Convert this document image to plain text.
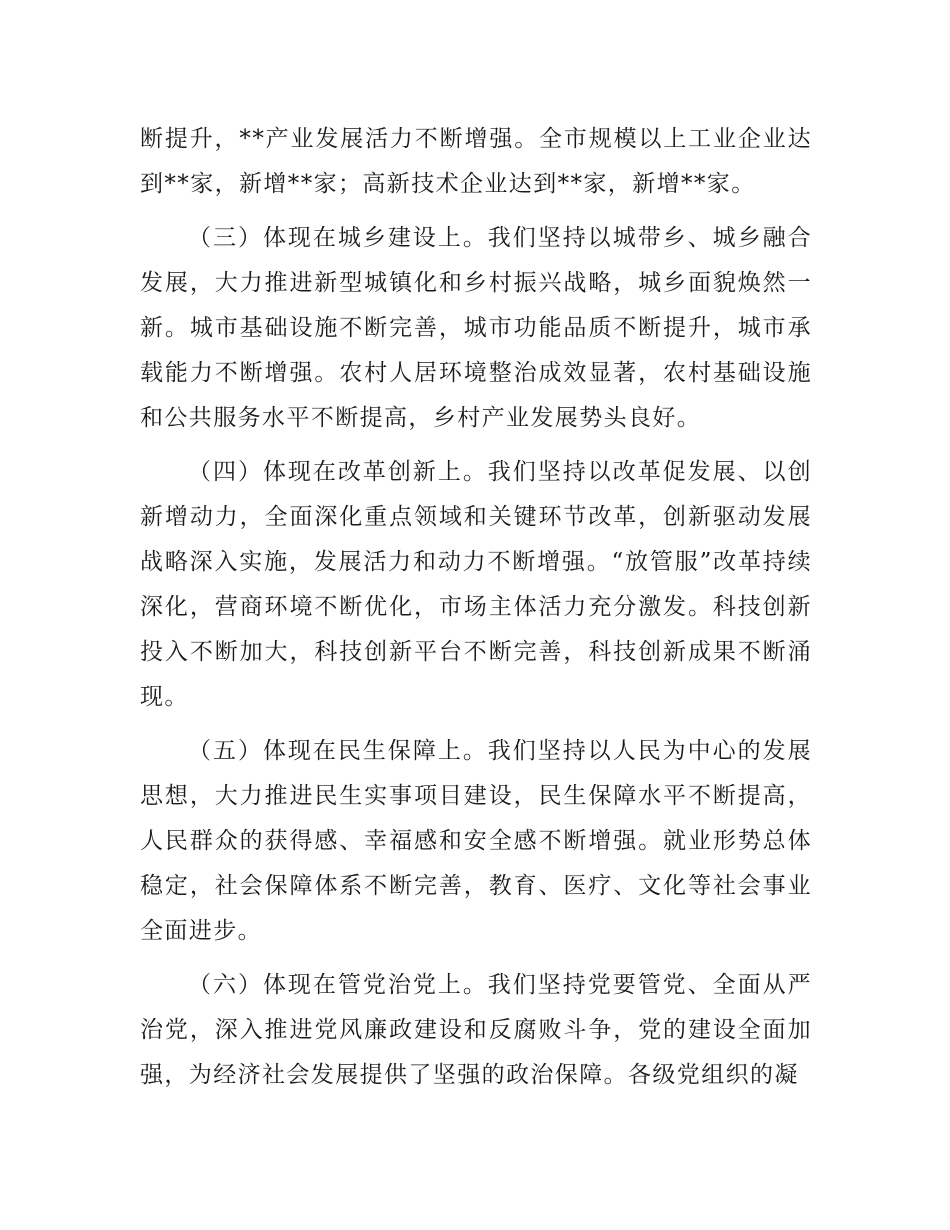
断提升，**产业发展活力不断增强。全市规模以上工业企业达到**家，新增**家；高新技术企业达到**家，新增**家。

（三）体现在城乡建设上。我们坚持以城带乡、城乡融合发展，大力推进新型城镇化和乡村振兴战略，城乡面貌焕然一新。城市基础设施不断完善，城市功能品质不断提升，城市承载能力不断增强。农村人居环境整治成效显著，农村基础设施和公共服务水平不断提高，乡村产业发展势头良好。

（四）体现在改革创新上。我们坚持以改革促发展、以创新增动力，全面深化重点领域和关键环节改革，创新驱动发展战略深入实施，发展活力和动力不断增强。“放管服”改革持续深化，营商环境不断优化，市场主体活力充分激发。科技创新投入不断加大，科技创新平台不断完善，科技创新成果不断涌现。

（五）体现在民生保障上。我们坚持以人民为中心的发展思想，大力推进民生实事项目建设，民生保障水平不断提高，人民群众的获得感、幸福感和安全感不断增强。就业形势总体稳定，社会保障体系不断完善，教育、医疗、文化等社会事业全面进步。

（六）体现在管党治党上。我们坚持党要管党、全面从严治党，深入推进党风廉政建设和反腐败斗争，党的建设全面加强，为经济社会发展提供了坚强的政治保障。各级党组织的凝
